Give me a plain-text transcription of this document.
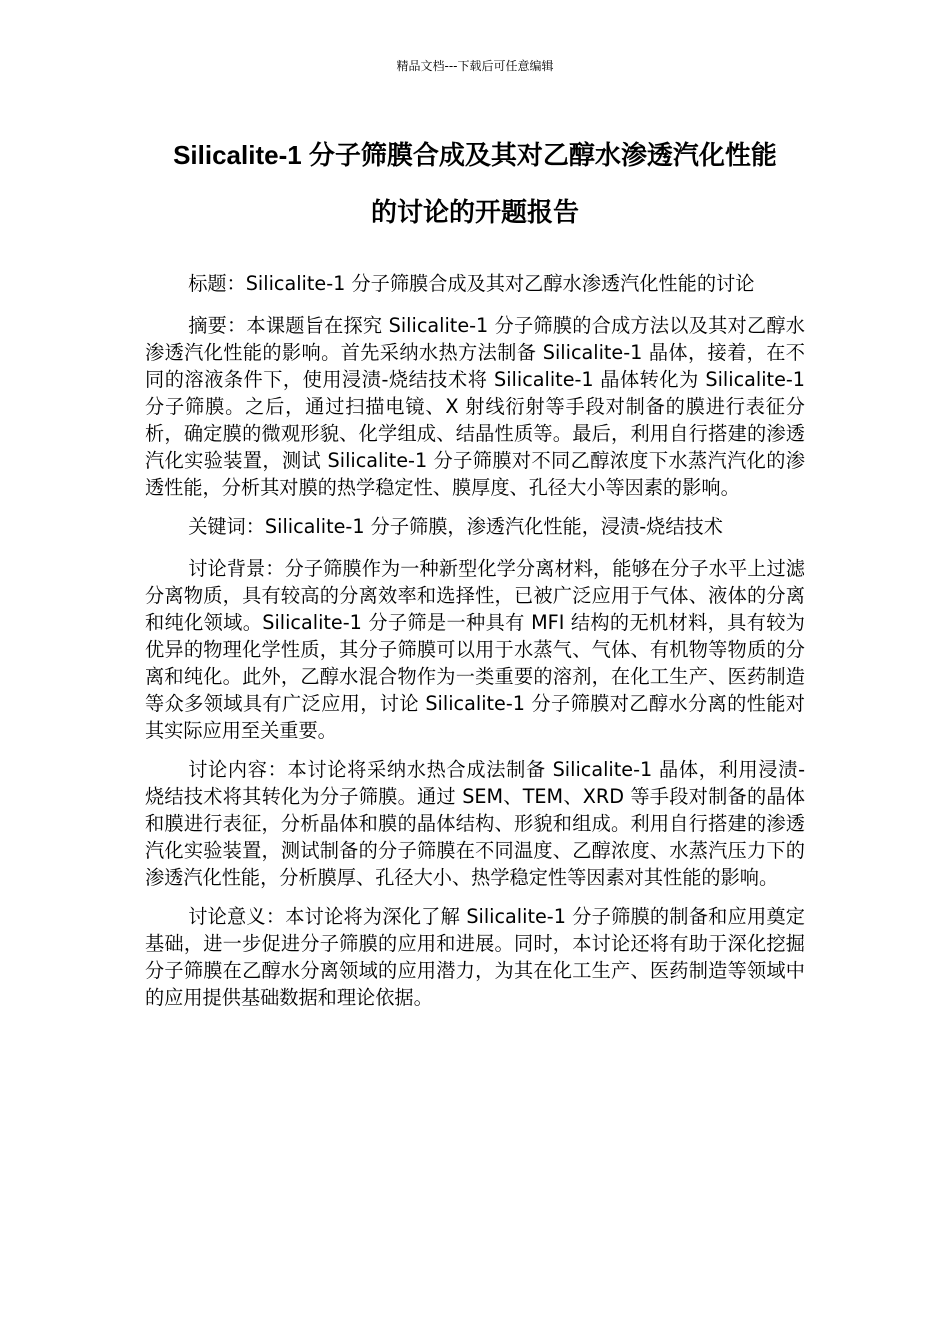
精品文档---下载后可任意编辑
Silicalite-1 分子筛膜合成及其对乙醇水渗透汽化性能
的讨论的开题报告

标题：Silicalite-1 分子筛膜合成及其对乙醇水渗透汽化性能的讨论

摘要：本课题旨在探究 Silicalite-1 分子筛膜的合成方法以及其对乙醇水渗透汽化性能的影响。首先采纳水热方法制备 Silicalite-1 晶体，接着，在不同的溶液条件下，使用浸渍-烧结技术将 Silicalite-1 晶体转化为 Silicalite-1 分子筛膜。之后，通过扫描电镜、X 射线衍射等手段对制备的膜进行表征分析，确定膜的微观形貌、化学组成、结晶性质等。最后，利用自行搭建的渗透汽化实验装置，测试 Silicalite-1 分子筛膜对不同乙醇浓度下水蒸汽汽化的渗透性能，分析其对膜的热学稳定性、膜厚度、孔径大小等因素的影响。

关键词：Silicalite-1 分子筛膜，渗透汽化性能，浸渍-烧结技术

讨论背景：分子筛膜作为一种新型化学分离材料，能够在分子水平上过滤分离物质，具有较高的分离效率和选择性，已被广泛应用于气体、液体的分离和纯化领域。Silicalite-1 分子筛是一种具有 MFI 结构的无机材料，具有较为优异的物理化学性质，其分子筛膜可以用于水蒸气、气体、有机物等物质的分离和纯化。此外，乙醇水混合物作为一类重要的溶剂，在化工生产、医药制造等众多领域具有广泛应用，讨论 Silicalite-1 分子筛膜对乙醇水分离的性能对其实际应用至关重要。

讨论内容：本讨论将采纳水热合成法制备 Silicalite-1 晶体，利用浸渍-烧结技术将其转化为分子筛膜。通过 SEM、TEM、XRD 等手段对制备的晶体和膜进行表征，分析晶体和膜的晶体结构、形貌和组成。利用自行搭建的渗透汽化实验装置，测试制备的分子筛膜在不同温度、乙醇浓度、水蒸汽压力下的渗透汽化性能，分析膜厚、孔径大小、热学稳定性等因素对其性能的影响。

讨论意义：本讨论将为深化了解 Silicalite-1 分子筛膜的制备和应用奠定基础，进一步促进分子筛膜的应用和进展。同时，本讨论还将有助于深化挖掘分子筛膜在乙醇水分离领域的应用潜力，为其在化工生产、医药制造等领域中的应用提供基础数据和理论依据。
